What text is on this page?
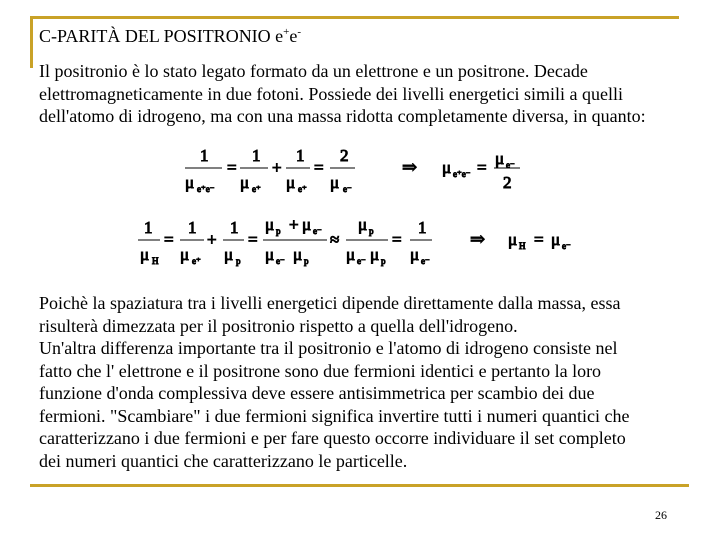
C-PARITÀ DEL POSITRONIO e+e-
Il positronio è lo stato legato formato da un elettrone e un positrone. Decade
elettromagneticamente in due fotoni. Possiede dei livelli energetici simili a quelli
dell'atomo di idrogeno, ma con una massa ridotta completamente diversa, in quanto:
1
μ e⁺e⁻
=
1
μ e⁺
+
1
μ e⁺
=
2
μ e⁻
⇒ μ e⁺e⁻ = μ e⁻
2
1
μ H
=
1
μ e⁺
+
1
μ p
=
μ p + μ e⁻
μ e⁻ μ p
≈
μ p
μ e⁻ μ p
=
1
μ e⁻
⇒ μ H = μ e⁻
Poichè la spaziatura tra i livelli energetici dipende direttamente dalla massa, essa
risulterà dimezzata per il positronio rispetto a quella dell'idrogeno.
Un'altra differenza importante tra il positronio e l'atomo di idrogeno consiste nel
fatto che l' elettrone e il positrone sono due fermioni identici e pertanto la loro
funzione d'onda complessiva deve essere antisimmetrica per scambio dei due
fermioni. "Scambiare" i due fermioni significa invertire tutti i numeri quantici che
caratterizzano i due fermioni e per fare questo occorre individuare il set completo
dei numeri quantici che caratterizzano le particelle.
26
